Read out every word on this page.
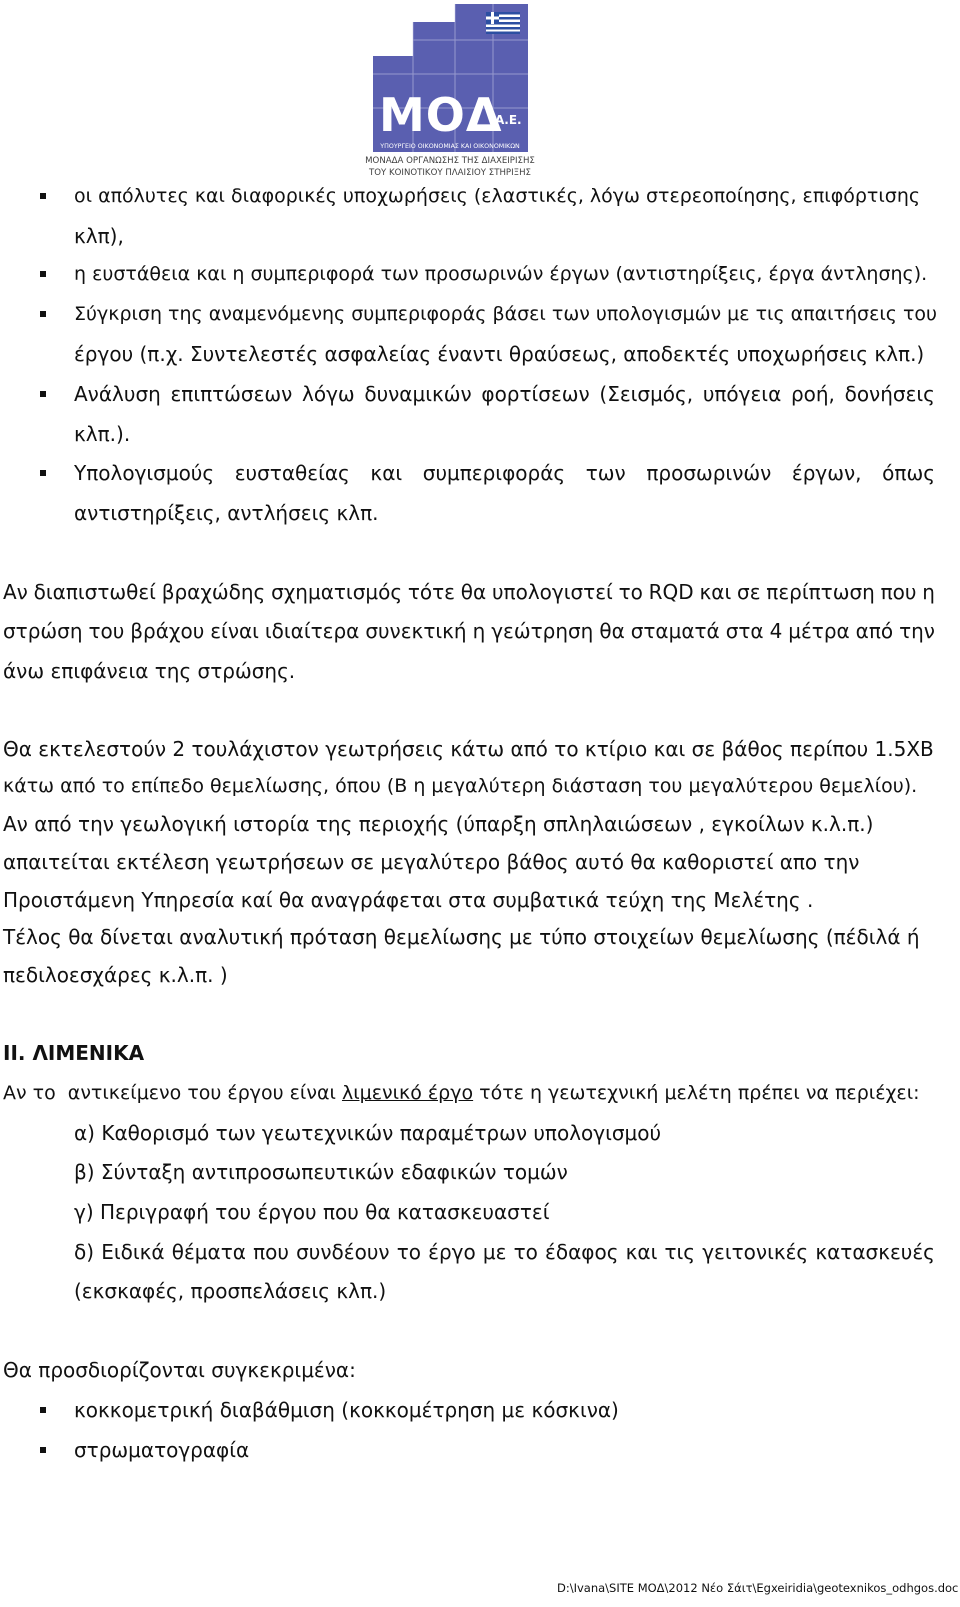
ΜΟΔ
Α.Ε.
ΥΠΟΥΡΓΕΙΟ ΟΙΚΟΝΟΜΙΑΣ ΚΑΙ ΟΙΚΟΝΟΜΙΚΩΝ
ΜΟΝΑΔΑ ΟΡΓΑΝΩΣΗΣ ΤΗΣ ΔΙΑΧΕΙΡΙΣΗΣ
ΤΟΥ ΚΟΙΝΟΤΙΚΟΥ ΠΛΑΙΣΙΟΥ ΣΤΗΡΙΞΗΣ
οι απόλυτες και διαφορικές υποχωρήσεις (ελαστικές, λόγω στερεοποίησης, επιφόρτισης
κλπ),
η ευστάθεια και η συμπεριφορά των προσωρινών έργων (αντιστηρίξεις, έργα άντλησης).
Σύγκριση της αναμενόμενης συμπεριφοράς βάσει των υπολογισμών με τις απαιτήσεις του
έργου (π.χ. Συντελεστές ασφαλείας έναντι θραύσεως, αποδεκτές υποχωρήσεις κλπ.)
Ανάλυση επιπτώσεων λόγω δυναμικών φορτίσεων (Σεισμός, υπόγεια ροή, δονήσεις
κλπ.).
Υπολογισμούς ευσταθείας και συμπεριφοράς των προσωρινών έργων, όπως
αντιστηρίξεις, αντλήσεις κλπ.
Αν διαπιστωθεί βραχώδης σχηματισμός τότε θα υπολογιστεί το RQD και σε περίπτωση που η
στρώση του βράχου είναι ιδιαίτερα συνεκτική η γεώτρηση θα σταματά στα 4 μέτρα από την
άνω επιφάνεια της στρώσης.
Θα εκτελεστούν 2 τουλάχιστον γεωτρήσεις κάτω από το κτίριο και σε βάθος περίπου 1.5ΧΒ
κάτω από το επίπεδο θεμελίωσης, όπου (Β η μεγαλύτερη διάσταση του μεγαλύτερου θεμελίου).
Αν από την γεωλογική ιστορία της περιοχής (ύπαρξη σπληλαιώσεων , εγκοίλων κ.λ.π.)
απαιτείται εκτέλεση γεωτρήσεων σε μεγαλύτερο βάθος αυτό θα καθοριστεί απο την
Προιστάμενη Υπηρεσία καί θα αναγράφεται στα συμβατικά τεύχη της Μελέτης .
Τέλος θα δίνεται αναλυτική πρόταση θεμελίωσης με τύπο στοιχείων θεμελίωσης (πέδιλά ή
πεδιλοεσχάρες κ.λ.π. )
ΙΙ. ΛΙΜΕΝΙΚΑ
Αν το  αντικείμενο του έργου είναι λιμενικό έργο τότε η γεωτεχνική μελέτη πρέπει να περιέχει:
α) Καθορισμό των γεωτεχνικών παραμέτρων υπολογισμού
β) Σύνταξη αντιπροσωπευτικών εδαφικών τομών
γ) Περιγραφή του έργου που θα κατασκευαστεί
δ) Ειδικά θέματα που συνδέουν το έργο με το έδαφος και τις γειτονικές κατασκευές
(εκσκαφές, προσπελάσεις κλπ.)
Θα προσδιορίζονται συγκεκριμένα:
κοκκομετρική διαβάθμιση (κοκκομέτρηση με κόσκινα)
στρωματογραφία
D:\Ivana\SITE ΜΟΔ\2012 Νέο Σάιτ\Egxeiridia\geotexnikos_odhgos.doc
